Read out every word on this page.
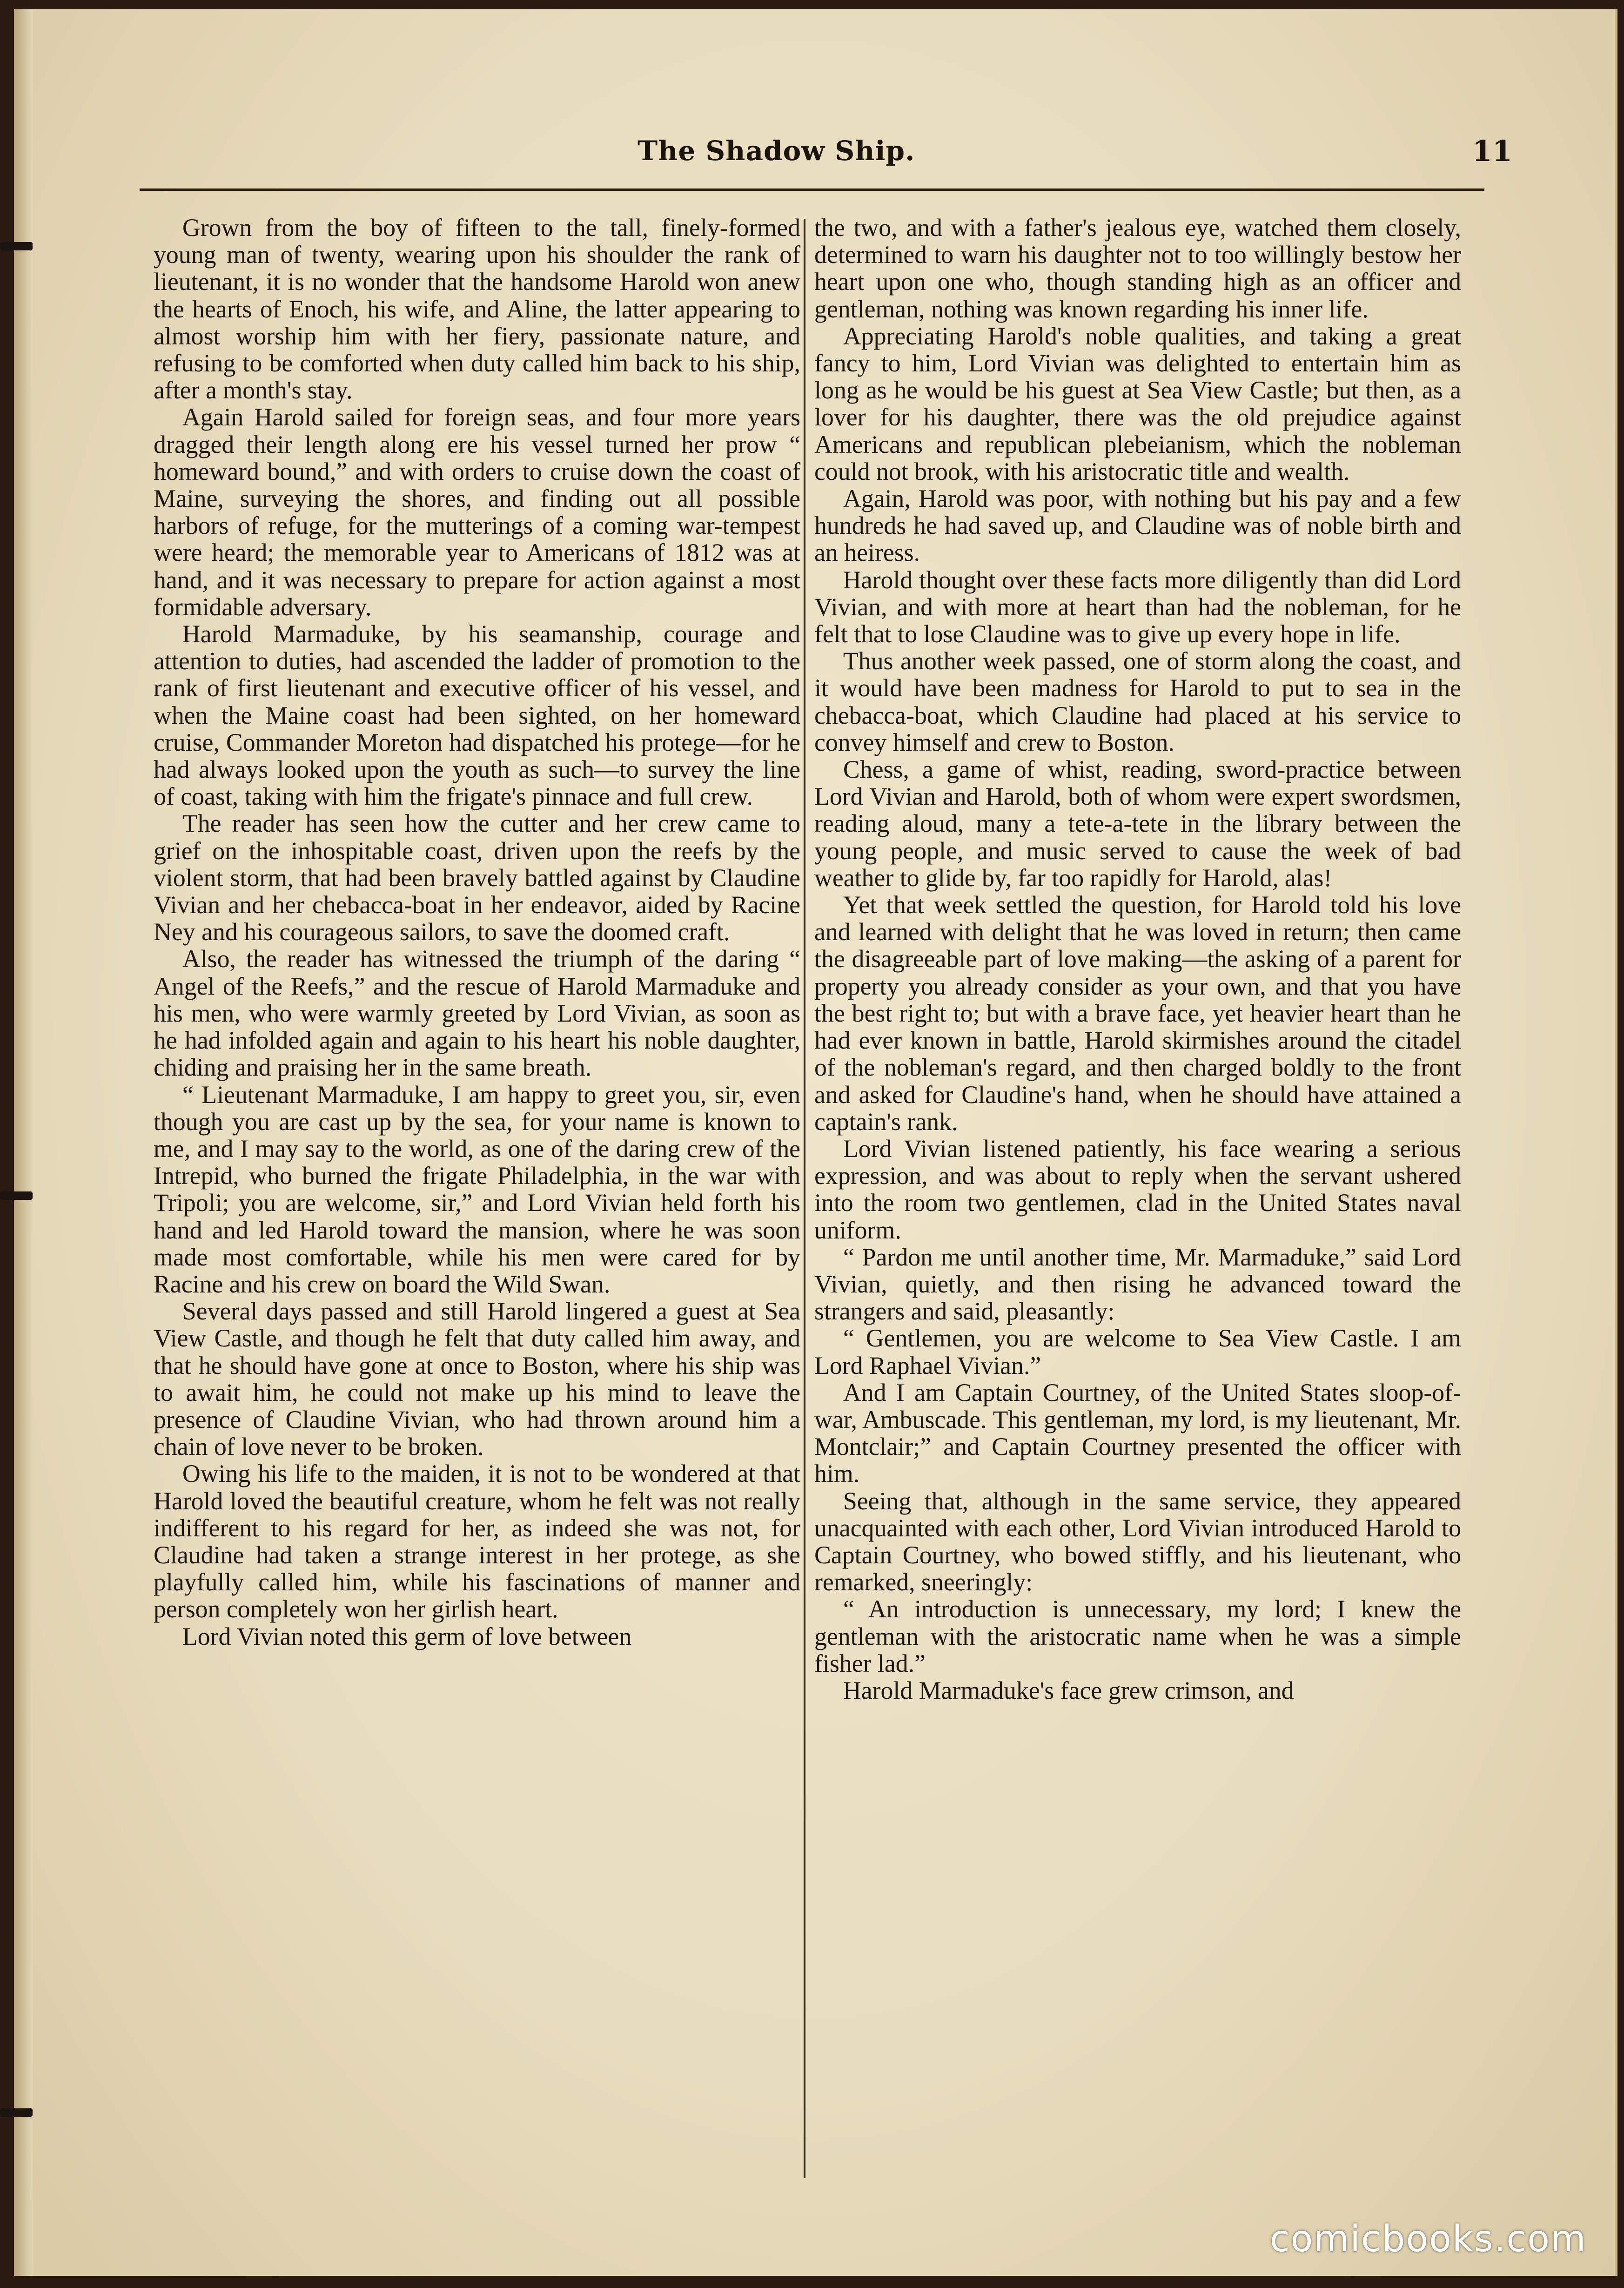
The Shadow Ship.	11

Grown from the boy of fifteen to the tall, finely-formed young man of twenty, wearing upon his shoulder the rank of lieutenant, it is no wonder that the handsome Harold won anew the hearts of Enoch, his wife, and Aline, the latter appearing to almost worship him with her fiery, passionate nature, and refusing to be comforted when duty called him back to his ship, after a month's stay.

Again Harold sailed for foreign seas, and four more years dragged their length along ere his vessel turned her prow “ homeward bound,” and with orders to cruise down the coast of Maine, surveying the shores, and finding out all possible harbors of refuge, for the mutterings of a coming war-tempest were heard; the memorable year to Americans of 1812 was at hand, and it was necessary to prepare for action against a most formidable adversary.

Harold Marmaduke, by his seamanship, courage and attention to duties, had ascended the ladder of promotion to the rank of first lieutenant and executive officer of his vessel, and when the Maine coast had been sighted, on her homeward cruise, Commander Moreton had dispatched his protege—for he had always looked upon the youth as such—to survey the line of coast, taking with him the frigate's pinnace and full crew.

The reader has seen how the cutter and her crew came to grief on the inhospitable coast, driven upon the reefs by the violent storm, that had been bravely battled against by Claudine Vivian and her chebacca-boat in her endeavor, aided by Racine Ney and his courageous sailors, to save the doomed craft.

Also, the reader has witnessed the triumph of the daring “ Angel of the Reefs,” and the rescue of Harold Marmaduke and his men, who were warmly greeted by Lord Vivian, as soon as he had infolded again and again to his heart his noble daughter, chiding and praising her in the same breath.

“ Lieutenant Marmaduke, I am happy to greet you, sir, even though you are cast up by the sea, for your name is known to me, and I may say to the world, as one of the daring crew of the Intrepid, who burned the frigate Philadelphia, in the war with Tripoli; you are welcome, sir,” and Lord Vivian held forth his hand and led Harold toward the mansion, where he was soon made most comfortable, while his men were cared for by Racine and his crew on board the Wild Swan.

Several days passed and still Harold lingered a guest at Sea View Castle, and though he felt that duty called him away, and that he should have gone at once to Boston, where his ship was to await him, he could not make up his mind to leave the presence of Claudine Vivian, who had thrown around him a chain of love never to be broken.

Owing his life to the maiden, it is not to be wondered at that Harold loved the beautiful creature, whom he felt was not really indifferent to his regard for her, as indeed she was not, for Claudine had taken a strange interest in her protege, as she playfully called him, while his fascinations of manner and person completely won her girlish heart.

Lord Vivian noted this germ of love between

the two, and with a father's jealous eye, watched them closely, determined to warn his daughter not to too willingly bestow her heart upon one who, though standing high as an officer and gentleman, nothing was known regarding his inner life.

Appreciating Harold's noble qualities, and taking a great fancy to him, Lord Vivian was delighted to entertain him as long as he would be his guest at Sea View Castle; but then, as a lover for his daughter, there was the old prejudice against Americans and republican plebeianism, which the nobleman could not brook, with his aristocratic title and wealth.

Again, Harold was poor, with nothing but his pay and a few hundreds he had saved up, and Claudine was of noble birth and an heiress.

Harold thought over these facts more diligently than did Lord Vivian, and with more at heart than had the nobleman, for he felt that to lose Claudine was to give up every hope in life.

Thus another week passed, one of storm along the coast, and it would have been madness for Harold to put to sea in the chebacca-boat, which Claudine had placed at his service to convey himself and crew to Boston.

Chess, a game of whist, reading, sword-practice between Lord Vivian and Harold, both of whom were expert swordsmen, reading aloud, many a tete-a-tete in the library between the young people, and music served to cause the week of bad weather to glide by, far too rapidly for Harold, alas!

Yet that week settled the question, for Harold told his love and learned with delight that he was loved in return; then came the disagreeable part of love making—the asking of a parent for property you already consider as your own, and that you have the best right to; but with a brave face, yet heavier heart than he had ever known in battle, Harold skirmishes around the citadel of the nobleman's regard, and then charged boldly to the front and asked for Claudine's hand, when he should have attained a captain's rank.

Lord Vivian listened patiently, his face wearing a serious expression, and was about to reply when the servant ushered into the room two gentlemen, clad in the United States naval uniform.

“ Pardon me until another time, Mr. Marmaduke,” said Lord Vivian, quietly, and then rising he advanced toward the strangers and said, pleasantly:

“ Gentlemen, you are welcome to Sea View Castle. I am Lord Raphael Vivian.”

And I am Captain Courtney, of the United States sloop-of-war, Ambuscade. This gentleman, my lord, is my lieutenant, Mr. Montclair;” and Captain Courtney presented the officer with him.

Seeing that, although in the same service, they appeared unacquainted with each other, Lord Vivian introduced Harold to Captain Courtney, who bowed stiffly, and his lieutenant, who remarked, sneeringly:

“ An introduction is unnecessary, my lord; I knew the gentleman with the aristocratic name when he was a simple fisher lad.”

Harold Marmaduke's face grew crimson, and

comicbooks.com
